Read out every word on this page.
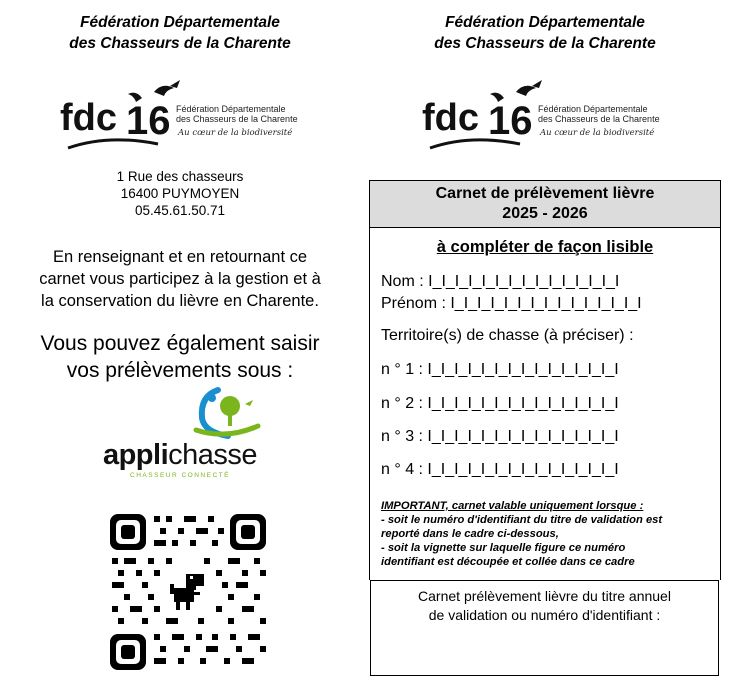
Fédération Départementale
des Chasseurs de la Charente
fdc 16 Fédération Départementale
des Chasseurs de la Charente
Au cœur de la biodiversité
1 Rue des chasseurs
16400 PUYMOYEN
05.45.61.50.71
En renseignant et en retournant ce
carnet vous participez à la gestion et à
la conservation du lièvre en Charente.
Vous pouvez également saisir
vos prélèvements sous :
applichasse
CHASSEUR CONNECTÉ
Fédération Départementale
des Chasseurs de la Charente
fdc 16 Fédération Départementale
des Chasseurs de la Charente
Au cœur de la biodiversité
Carnet de prélèvement lièvre
2025 - 2026
à compléter de façon lisible
Nom : I_I_I_I_I_I_I_I_I_I_I_I_I_I_I
Prénom : I_I_I_I_I_I_I_I_I_I_I_I_I_I_I
Territoire(s) de chasse (à préciser) :
n ° 1 : I_I_I_I_I_I_I_I_I_I_I_I_I_I_I
n ° 2 : I_I_I_I_I_I_I_I_I_I_I_I_I_I_I
n ° 3 : I_I_I_I_I_I_I_I_I_I_I_I_I_I_I
n ° 4 : I_I_I_I_I_I_I_I_I_I_I_I_I_I_I
IMPORTANT, carnet valable uniquement lorsque :
- soit le numéro d'identifiant du titre de validation est
reporté dans le cadre ci-dessous,
- soit la vignette sur laquelle figure ce numéro
identifiant est découpée et collée dans ce cadre
Carnet prélèvement lièvre du titre annuel
de validation ou numéro d'identifiant :
